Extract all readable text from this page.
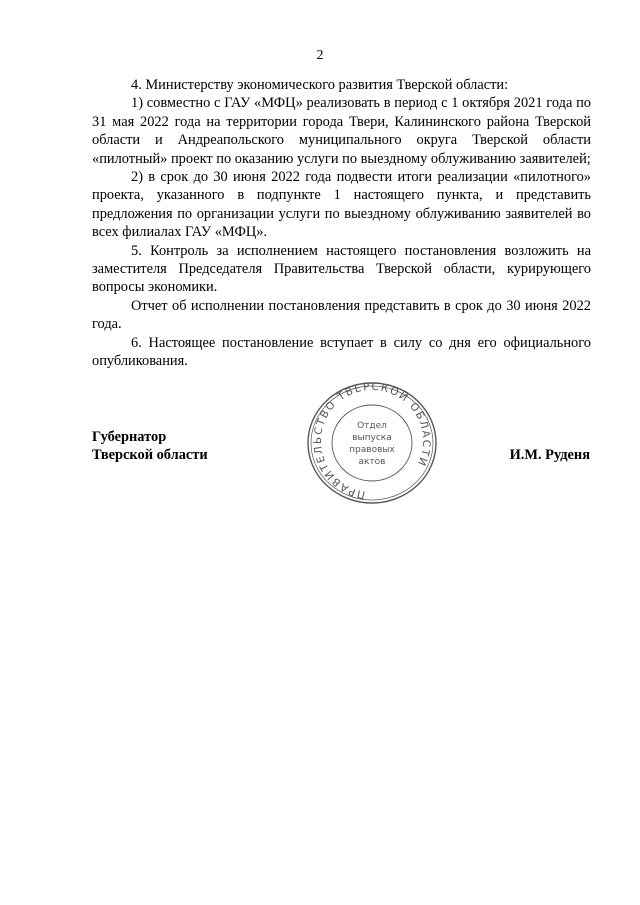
2

4. Министерству экономического развития Тверской области:

1) совместно с ГАУ «МФЦ» реализовать в период с 1 октября 2021 года по 31 мая 2022 года на территории города Твери, Калининского района Тверской области и Андреапольского муниципального округа Тверской области «пилотный» проект по оказанию услуги по выездному облуживанию заявителей;

2) в срок до 30 июня 2022 года подвести итоги реализации «пилотного» проекта, указанного в подпункте 1 настоящего пункта, и представить предложения по организации услуги по выездному облуживанию заявителей во всех филиалах ГАУ «МФЦ».

5. Контроль за исполнением настоящего постановления возложить на заместителя Председателя Правительства Тверской области, курирующего вопросы экономики.

Отчет об исполнении постановления представить в срок до 30 июня 2022 года.

6. Настоящее постановление вступает в силу со дня его официального опубликования.

Губернатор
Тверской области	И.М. Руденя
ПРАВИТЕЛЬСТВО ТВЕРСКОЙ ОБЛАСТИ
Отдел
выпуска
правовых
актов
